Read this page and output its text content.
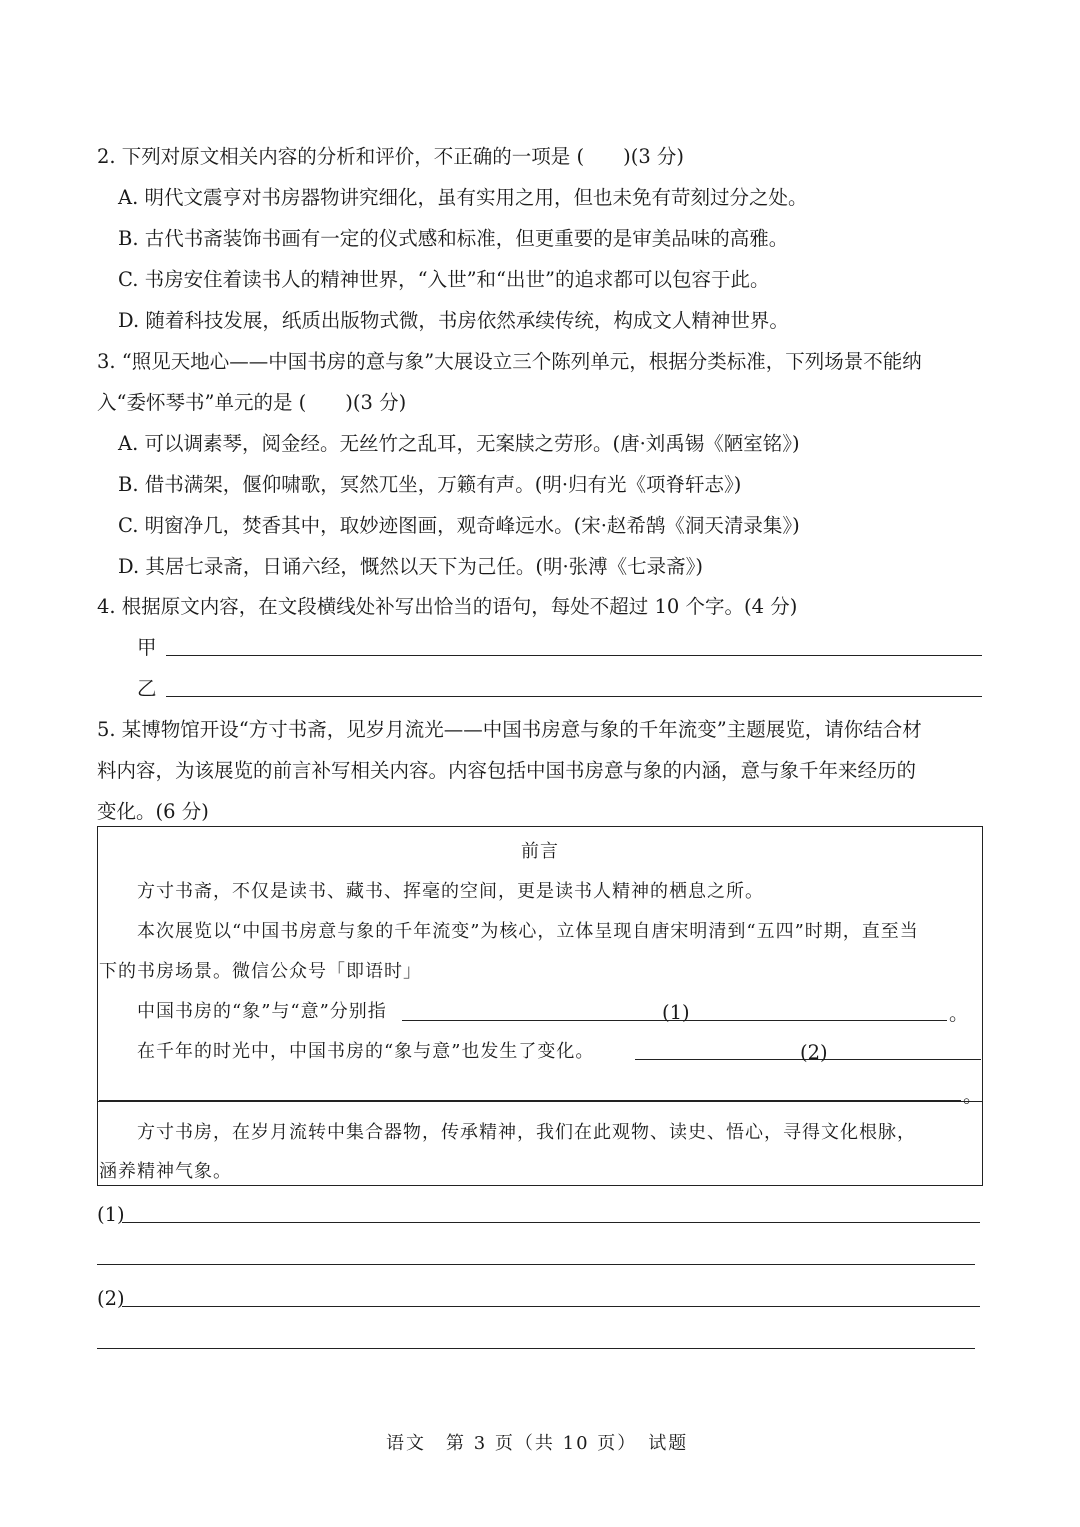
2. 下列对原文相关内容的分析和评价，不正确的一项是 (　　)(3 分)
A. 明代文震亨对书房器物讲究细化，虽有实用之用，但也未免有苛刻过分之处。
B. 古代书斋装饰书画有一定的仪式感和标准，但更重要的是审美品味的高雅。
C. 书房安住着读书人的精神世界，“入世”和“出世”的追求都可以包容于此。
D. 随着科技发展，纸质出版物式微，书房依然承续传统，构成文人精神世界。
3. “照见天地心——中国书房的意与象”大展设立三个陈列单元，根据分类标准，下列场景不能纳
入“委怀琴书”单元的是 (　　)(3 分)
A. 可以调素琴，阅金经。无丝竹之乱耳，无案牍之劳形。(唐·刘禹锡《陋室铭》)
B. 借书满架，偃仰啸歌，冥然兀坐，万籁有声。(明·归有光《项脊轩志》)
C. 明窗净几，焚香其中，取妙迹图画，观奇峰远水。(宋·赵希鹄《洞天清录集》)
D. 其居七录斋，日诵六经，慨然以天下为己任。(明·张溥《七录斋》)
4. 根据原文内容，在文段横线处补写出恰当的语句，每处不超过 10 个字。(4 分)
甲
乙
5. 某博物馆开设“方寸书斋，见岁月流光——中国书房意与象的千年流变”主题展览，请你结合材
料内容，为该展览的前言补写相关内容。内容包括中国书房意与象的内涵，意与象千年来经历的
变化。(6 分)
前言
方寸书斋，不仅是读书、藏书、挥毫的空间，更是读书人精神的栖息之所。
本次展览以“中国书房意与象的千年流变”为核心，立体呈现自唐宋明清到“五四”时期，直至当
下的书房场景。微信公众号「即语时」
中国书房的“象”与“意”分别指	(1)	。
在千年的时光中，中国书房的“象与意”也发生了变化。	(2)
。
方寸书房，在岁月流转中集合器物，传承精神，我们在此观物、读史、悟心，寻得文化根脉，
涵养精神气象。
(1)
(2)
语文　第 3 页（共 10 页）　试题
